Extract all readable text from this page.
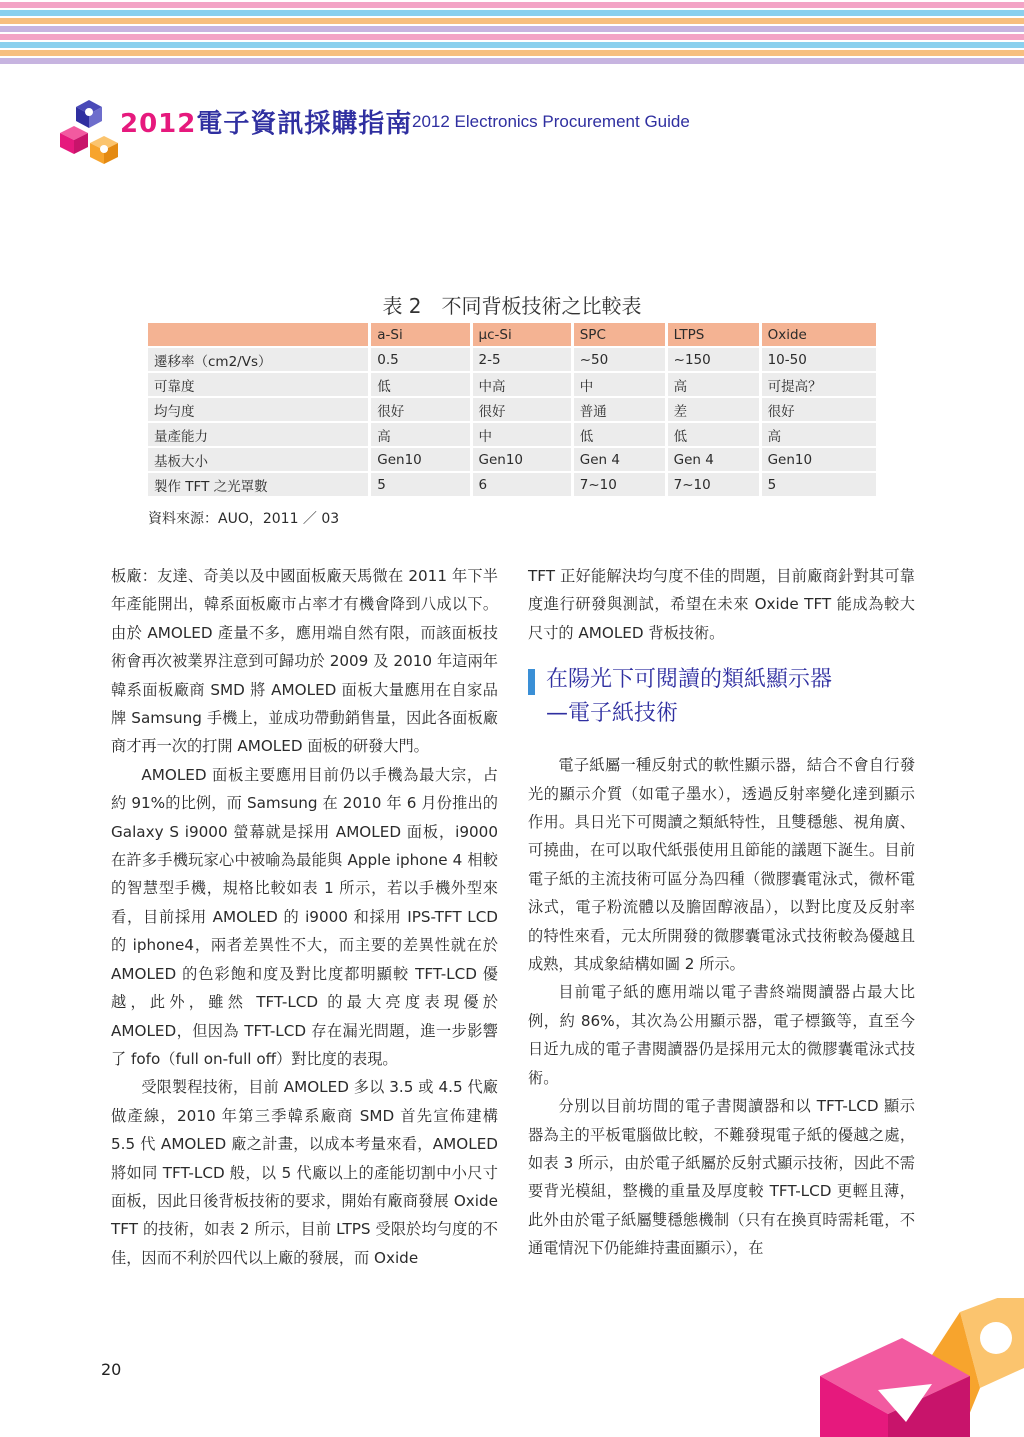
2012電子資訊採購指南 2012 Electronics Procurement Guide
表 2　不同背板技術之比較表
	a-Si	μc-Si	SPC	LTPS	Oxide
遷移率（cm2/Vs）	0.5	2-5	~50	~150	10-50
可靠度	低	中高	中	高	可提高？
均勻度	很好	很好	普通	差	很好
量產能力	高	中	低	低	高
基板大小	Gen10	Gen10	Gen 4	Gen 4	Gen10
製作 TFT 之光罩數	5	6	7~10	7~10	5
資料來源：AUO，2011 ／ 03

板廠：友達、奇美以及中國面板廠天馬微在 2011 年下半年產能開出，韓系面板廠市占率才有機會降到八成以下。由於 AMOLED 產量不多，應用端自然有限，而該面板技術會再次被業界注意到可歸功於 2009 及 2010 年這兩年韓系面板廠商 SMD 將 AMOLED 面板大量應用在自家品牌 Samsung 手機上，並成功帶動銷售量，因此各面板廠商才再一次的打開 AMOLED 面板的研發大門。

AMOLED 面板主要應用目前仍以手機為最大宗，占約 91%的比例，而 Samsung 在 2010 年 6 月份推出的 Galaxy S i9000 螢幕就是採用 AMOLED 面板，i9000 在許多手機玩家心中被喻為最能與 Apple iphone 4 相較的智慧型手機，規格比較如表 1 所示，若以手機外型來看，目前採用 AMOLED 的 i9000 和採用 IPS-TFT LCD 的 iphone4，兩者差異性不大，而主要的差異性就在於 AMOLED 的色彩飽和度及對比度都明顯較 TFT-LCD 優越，此外，雖然 TFT-LCD 的最大亮度表現優於 AMOLED，但因為 TFT-LCD 存在漏光問題，進一步影響了 fofo（full on-full off）對比度的表現。

受限製程技術，目前 AMOLED 多以 3.5 或 4.5 代廠做產線，2010 年第三季韓系廠商 SMD 首先宣佈建構 5.5 代 AMOLED 廠之計畫，以成本考量來看，AMOLED 將如同 TFT-LCD 般，以 5 代廠以上的產能切割中小尺寸面板，因此日後背板技術的要求，開始有廠商發展 Oxide TFT 的技術，如表 2 所示，目前 LTPS 受限於均勻度的不佳，因而不利於四代以上廠的發展，而 Oxide

TFT 正好能解決均勻度不佳的問題，目前廠商針對其可靠度進行研發與測試，希望在未來 Oxide TFT 能成為較大尺寸的 AMOLED 背板技術。

在陽光下可閱讀的類紙顯示器
—電子紙技術

電子紙屬一種反射式的軟性顯示器，結合不會自行發光的顯示介質（如電子墨水），透過反射率變化達到顯示作用。具日光下可閱讀之類紙特性，且雙穩態、視角廣、可撓曲，在可以取代紙張使用且節能的議題下誕生。目前電子紙的主流技術可區分為四種（微膠囊電泳式，微杯電泳式，電子粉流體以及膽固醇液晶），以對比度及反射率的特性來看，元太所開發的微膠囊電泳式技術較為優越且成熟，其成象結構如圖 2 所示。

目前電子紙的應用端以電子書終端閱讀器占最大比例，約 86%，其次為公用顯示器，電子標籤等，直至今日近九成的電子書閱讀器仍是採用元太的微膠囊電泳式技術。

分別以目前坊間的電子書閱讀器和以 TFT-LCD 顯示器為主的平板電腦做比較，不難發現電子紙的優越之處，如表 3 所示，由於電子紙屬於反射式顯示技術，因此不需要背光模組，整機的重量及厚度較 TFT-LCD 更輕且薄，此外由於電子紙屬雙穩態機制（只有在換頁時需耗電，不通電情況下仍能維持畫面顯示），在

20
